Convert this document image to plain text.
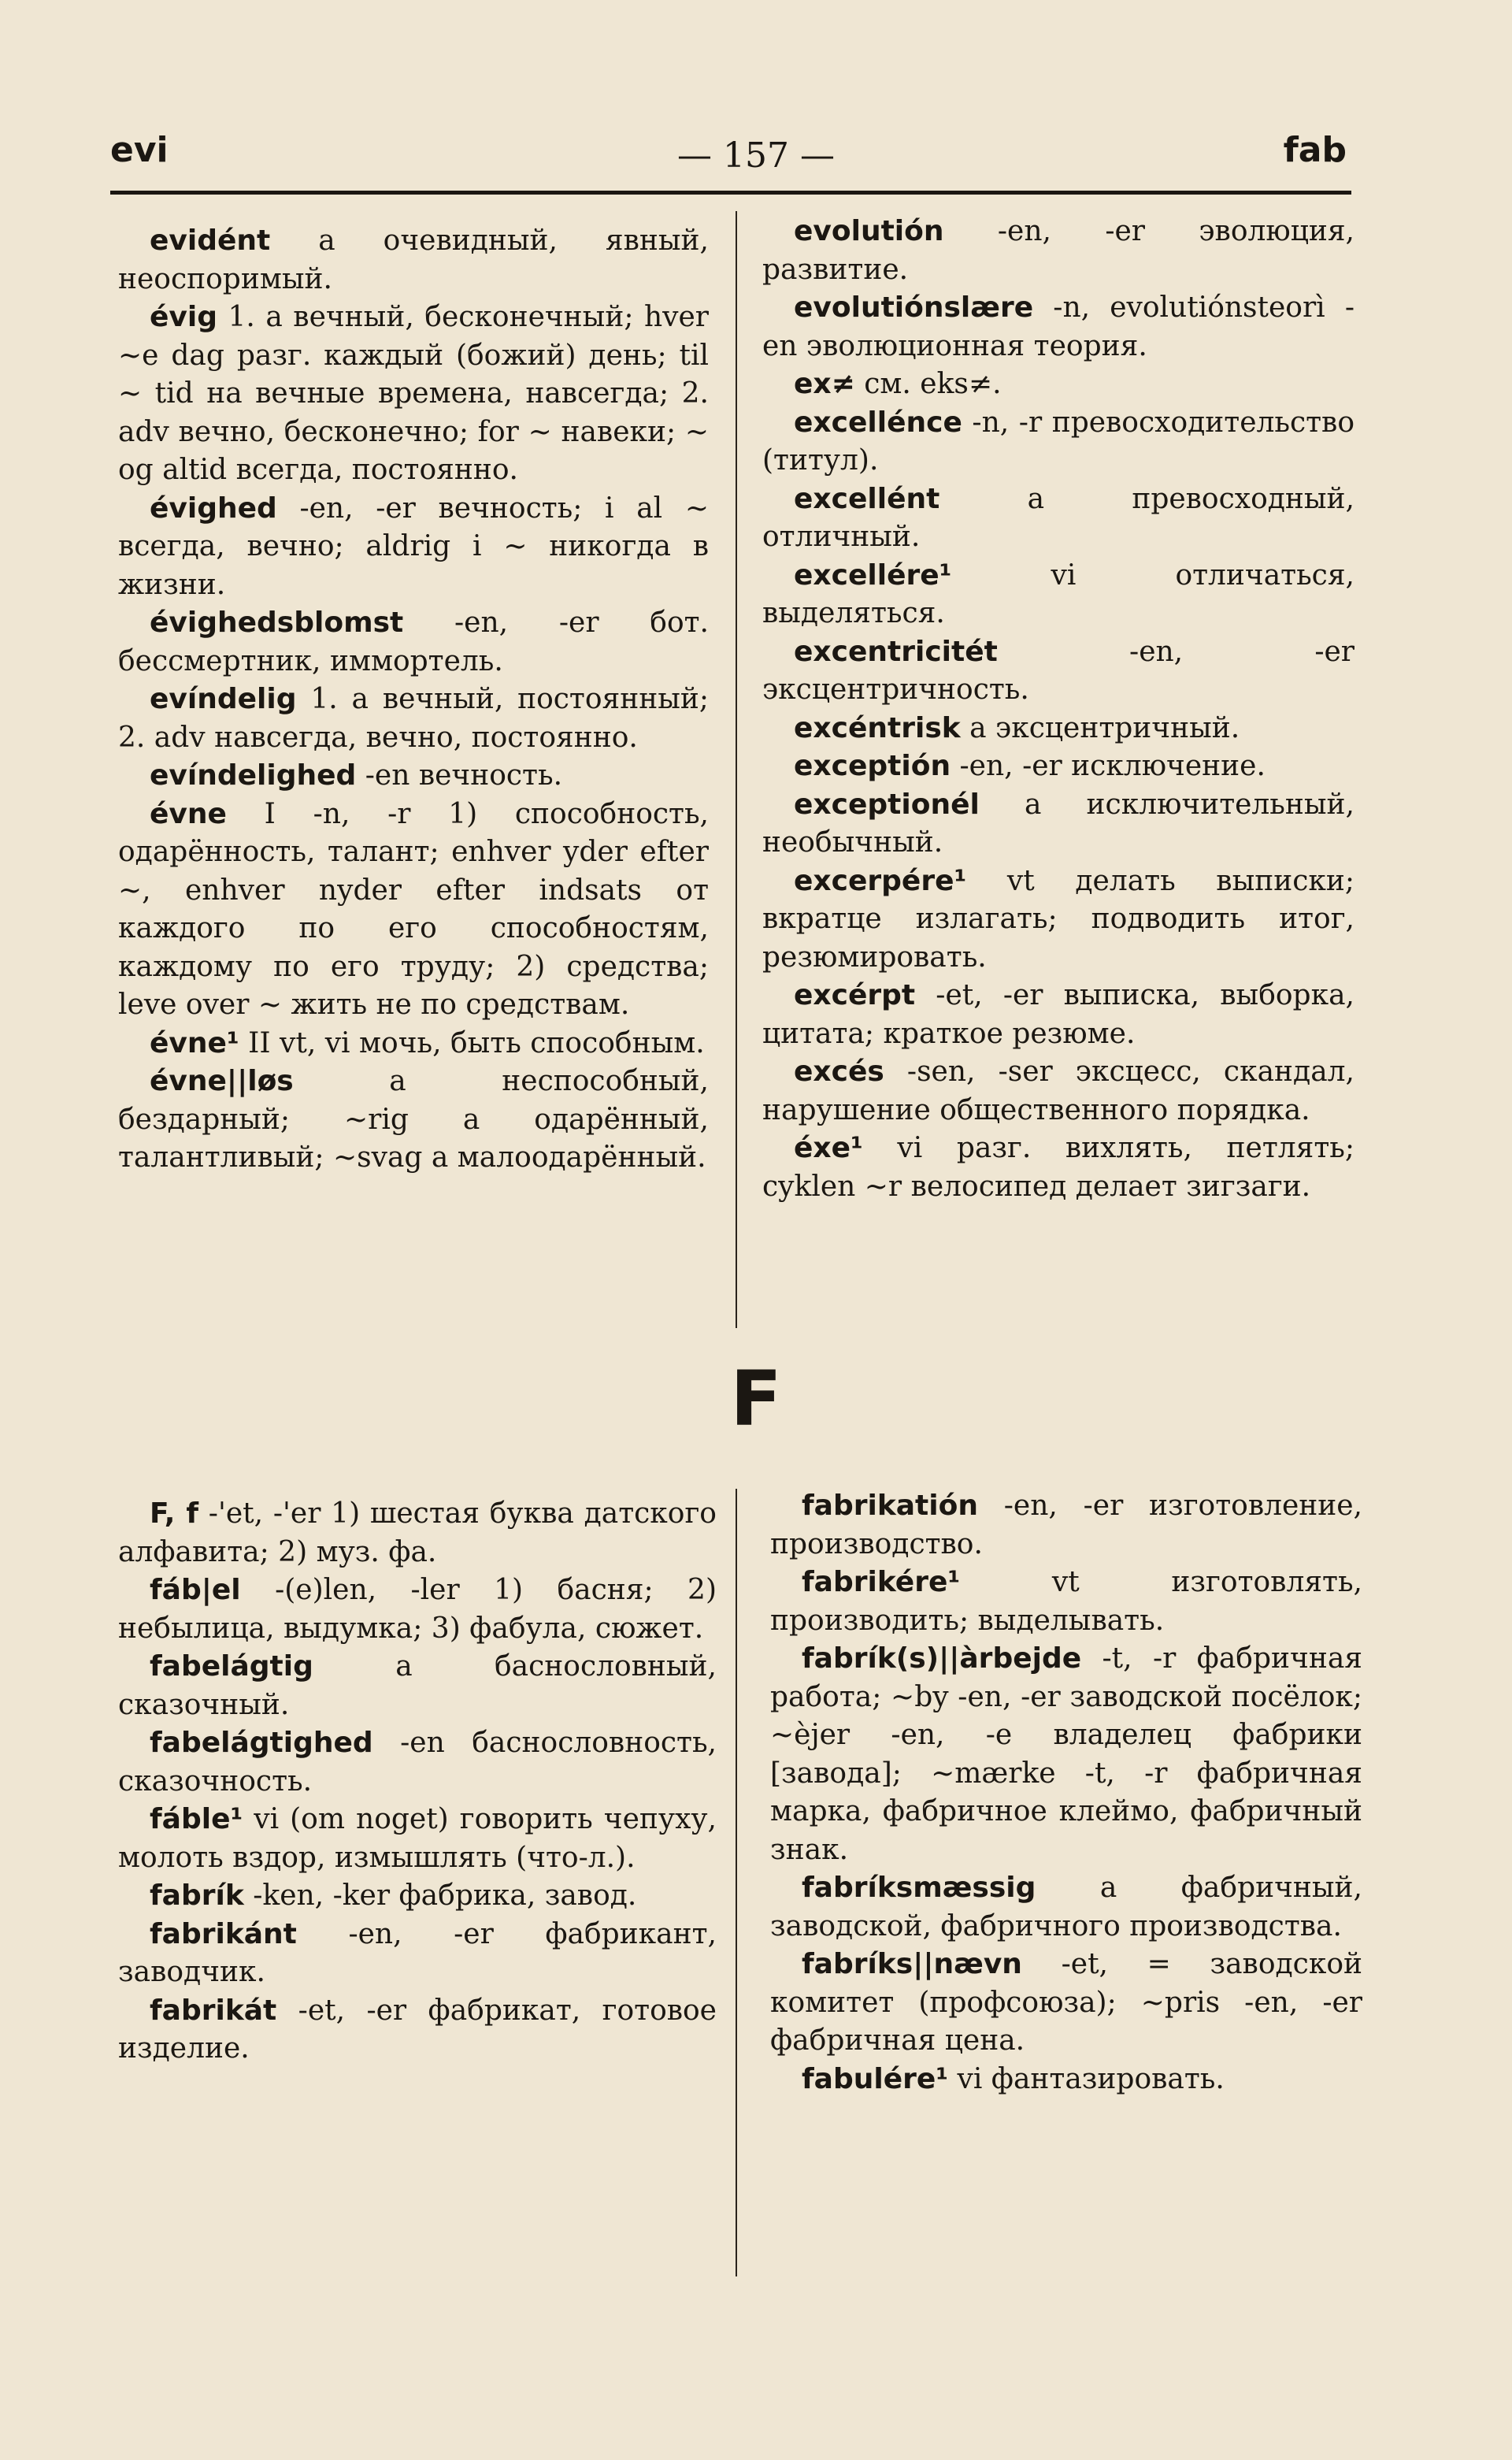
evi	— 157 —	fab

evidént a очевидный, явный, неоспоримый.

évig 1. a вечный, бесконечный; hver ~e dag разг. каждый (божий) день; til ~ tid на вечные времена, навсегда; 2. adv вечно, бесконечно; for ~ навеки; ~ og altid всегда, постоянно.

évighed -en, -er вечность; i al ~ всегда, вечно; aldrig i ~ никогда в жизни.

évighedsblomst -en, -er бот. бессмертник, иммортель.

evíndelig 1. a вечный, постоянный; 2. adv навсегда, вечно, постоянно.

evíndelighed -en вечность.

évne I -n, -r 1) способность, одарённость, талант; enhver yder efter ~, enhver nyder efter indsats от каждого по его способностям, каждому по его труду; 2) средства; leve over ~ жить не по средствам.

évne¹ II vt, vi мочь, быть способным.

évne||løs a неспособный, бездарный; ~rig a одарённый, талантливый; ~svag a малоодарённый.

evolutión -en, -er эволюция, развитие.

evolutiónslære -n, evolutiónsteorì -en эволюционная теория.

ex≠ см. eks≠.

excellénce -n, -r превосходительство (титул).

excellént a превосходный, отличный.

excellére¹ vi отличаться, выделяться.

excentricitét -en, -er эксцентричность.

excéntrisk a эксцентричный.

exceptión -en, -er исключение.

exceptionél a исключительный, необычный.

excerpére¹ vt делать выписки; вкратце излагать; подводить итог, резюмировать.

excérpt -et, -er выписка, выборка, цитата; краткое резюме.

excés -sen, -ser эксцесс, скандал, нарушение общественного порядка.

éxe¹ vi разг. вихлять, петлять; cyklen ~r велосипед делает зигзаги.

F

F, f -'et, -'er 1) шестая буква датского алфавита; 2) муз. фа.

fáb|el -(e)len, -ler 1) басня; 2) небылица, выдумка; 3) фабула, сюжет.

fabelágtig a баснословный, сказочный.

fabelágtighed -en баснословность, сказочность.

fáble¹ vi (om noget) говорить чепуху, молоть вздор, измышлять (что-л.).

fabrík -ken, -ker фабрика, завод.

fabrikánt -en, -er фабрикант, заводчик.

fabrikát -et, -er фабрикат, готовое изделие.

fabrikatión -en, -er изготовление, производство.

fabrikére¹ vt изготовлять, производить; выделывать.

fabrík(s)||àrbejde -t, -r фабричная работа; ~by -en, -er заводской посёлок; ~èjer -en, -e владелец фабрики [завода]; ~mærke -t, -r фабричная марка, фабричное клеймо, фабричный знак.

fabríksmæssig a фабричный, заводской, фабричного производства.

fabríks||nævn -et, = заводской комитет (профсоюза); ~pris -en, -er фабричная цена.

fabulére¹ vi фантазировать.
